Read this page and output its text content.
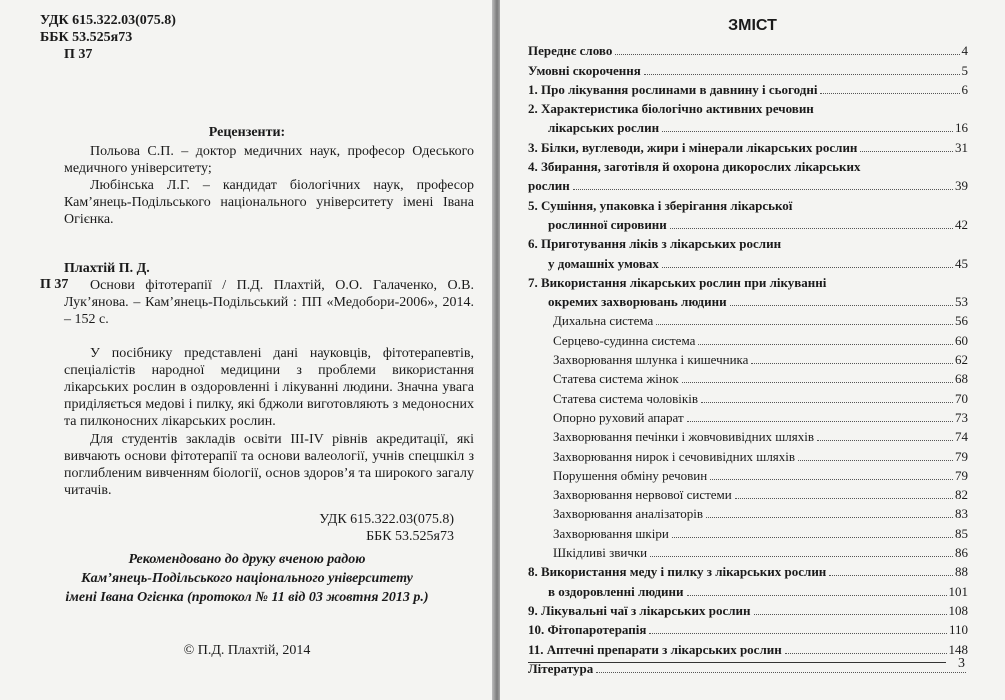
УДК 615.322.03(075.8)
ББК 53.525я73
П 37
Рецензенти:
Польова С.П. – доктор медичних наук, професор Одеського медичного університету;
Любінська Л.Г. – кандидат біологічних наук, професор Кам’янець-Подільського національного університету імені Івана Огієнка.
Плахтій П. Д.
П 37	Основи фітотерапії / П.Д. Плахтій, О.О. Галаченко, О.В. Лук’янова. – Кам’янець-Подільський : ПП «Медобори-2006», 2014. – 152 с.
У посібнику представлені дані науковців, фітотерапевтів, спеціалістів народної медицини з проблеми використання лікарських рослин в оздоровленні і лікуванні людини. Значна увага приділяється медові і пилку, які бджоли виготовляють з медоносних та пилконосних лікарських рослин.
Для студентів закладів освіти III-IV рівнів акредитації, які вивчають основи фітотерапії та основи валеології, учнів спецшкіл з поглибленим вивченням біології, основ здоров’я та широкого загалу читачів.
УДК 615.322.03(075.8)
ББК 53.525я73
Рекомендовано до друку вченою радою
Кам’янець-Подільського національного університету
імені Івана Огієнка (протокол № 11 від 03 жовтня 2013 р.)
© П.Д. Плахтій, 2014
ЗМІСТ
Переднє слово	4
Умовні скорочення	5
1. Про лікування рослинами в давнину і сьогодні	6
2. Характеристика біологічно активних речовин
лікарських рослин	16
3. Білки, вуглеводи, жири і мінерали лікарських рослин	31
4. Збирання, заготівля й охорона дикорослих лікарських
рослин	39
5. Сушіння, упаковка і зберігання лікарської
рослинної сировини	42
6. Приготування ліків з лікарських рослин
у домашніх умовах	45
7. Використання лікарських рослин при лікуванні
окремих захворювань людини	53
Дихальна система	56
Серцево-судинна система	60
Захворювання шлунка і кишечника	62
Статева система жінок	68
Статева система чоловіків	70
Опорно руховий апарат	73
Захворювання печінки і жовчовивідних шляхів	74
Захворювання нирок і сечовивідних шляхів	79
Порушення обміну речовин	79
Захворювання нервової системи	82
Захворювання аналізаторів	83
Захворювання шкіри	85
Шкідливі звички	86
8. Використання меду і пилку з лікарських рослин	88
в оздоровленні людини	101
9. Лікувальні чаї з лікарських рослин	108
10. Фітопаротерапія	110
11. Аптечні препарати з лікарських рослин	148
Література	3
